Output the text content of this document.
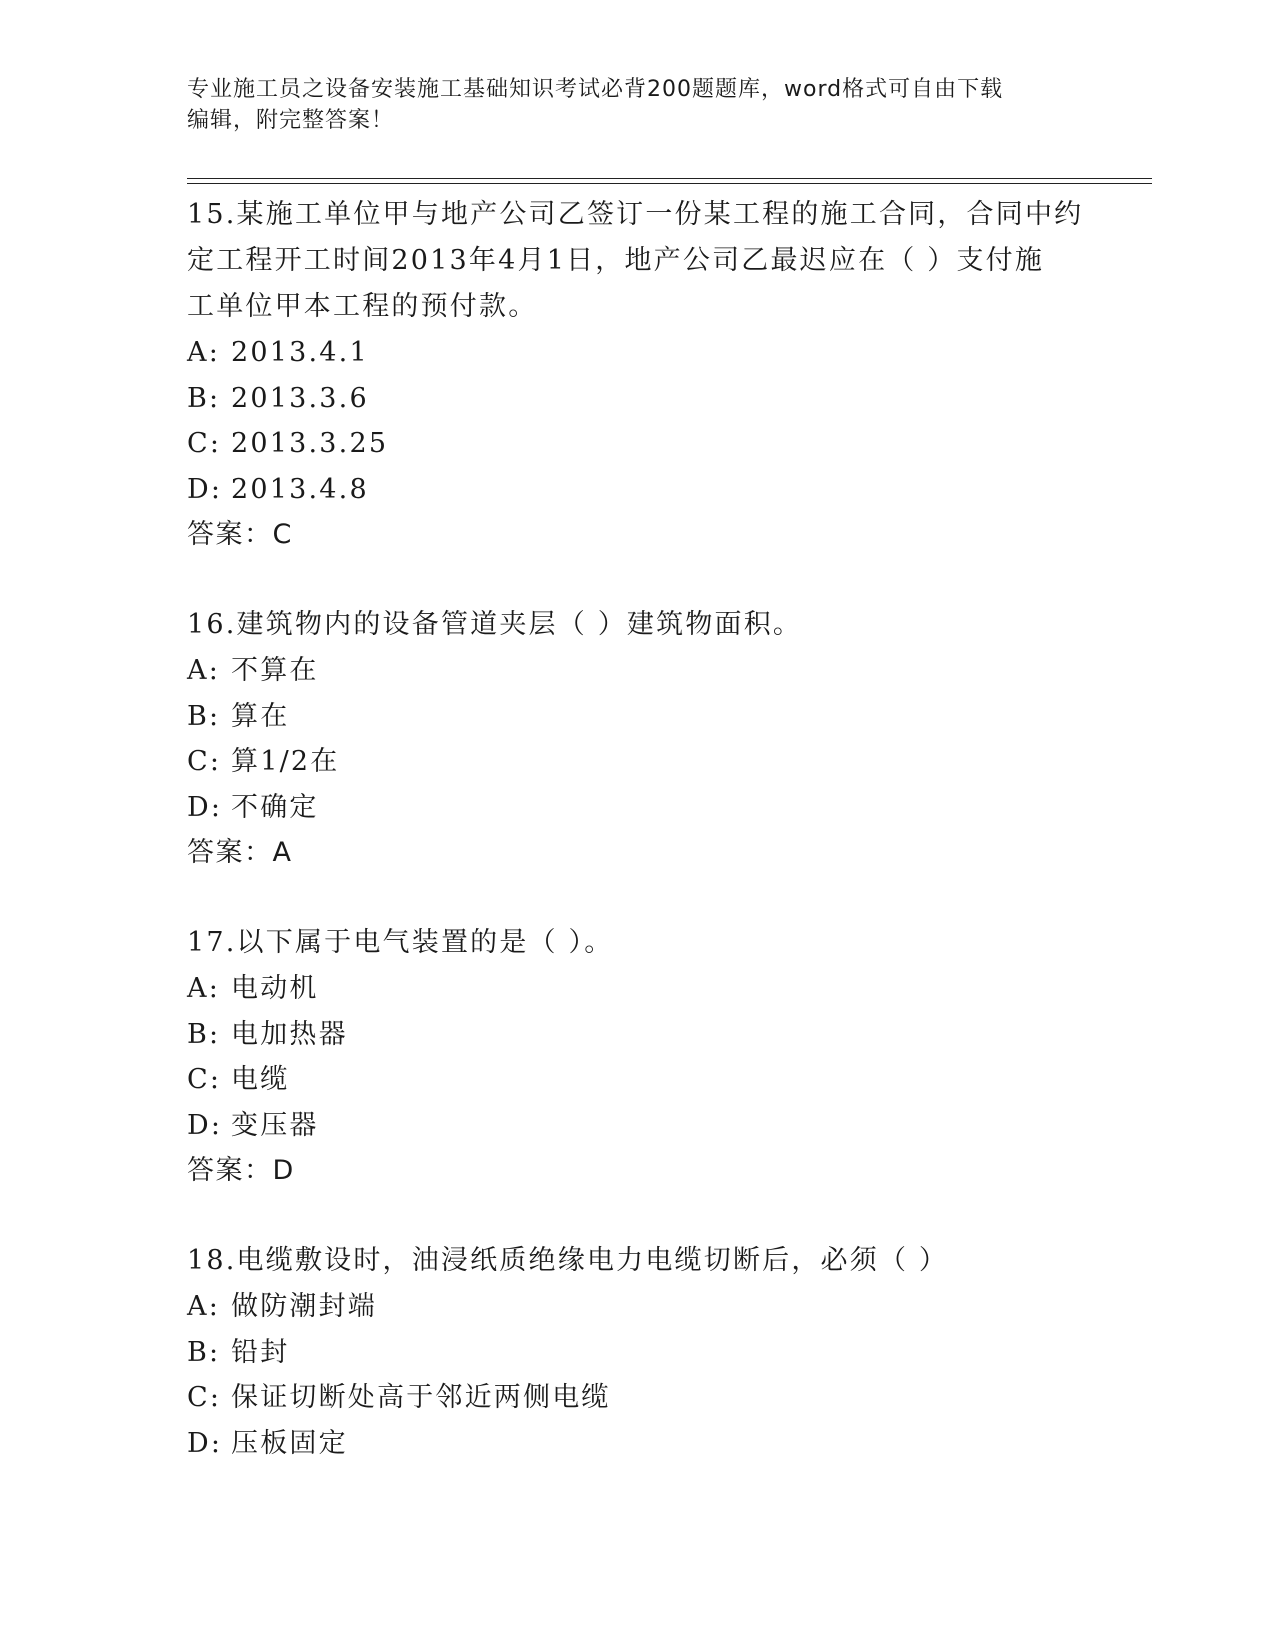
专业施工员之设备安装施工基础知识考试必背200题题库，word格式可自由下载
编辑，附完整答案！
15.某施工单位甲与地产公司乙签订一份某工程的施工合同，合同中约
定工程开工时间2013年4月1日，地产公司乙最迟应在（ ）支付施
工单位甲本工程的预付款。
A: 2013.4.1
B: 2013.3.6
C: 2013.3.25
D: 2013.4.8
答案：C
16.建筑物内的设备管道夹层（ ）建筑物面积。
A: 不算在
B: 算在
C: 算1/2在
D: 不确定
答案：A
17.以下属于电气装置的是（ ）。
A: 电动机
B: 电加热器
C: 电缆
D: 变压器
答案：D
18.电缆敷设时，油浸纸质绝缘电力电缆切断后，必须（ ）
A: 做防潮封端
B: 铅封
C: 保证切断处高于邻近两侧电缆
D: 压板固定
